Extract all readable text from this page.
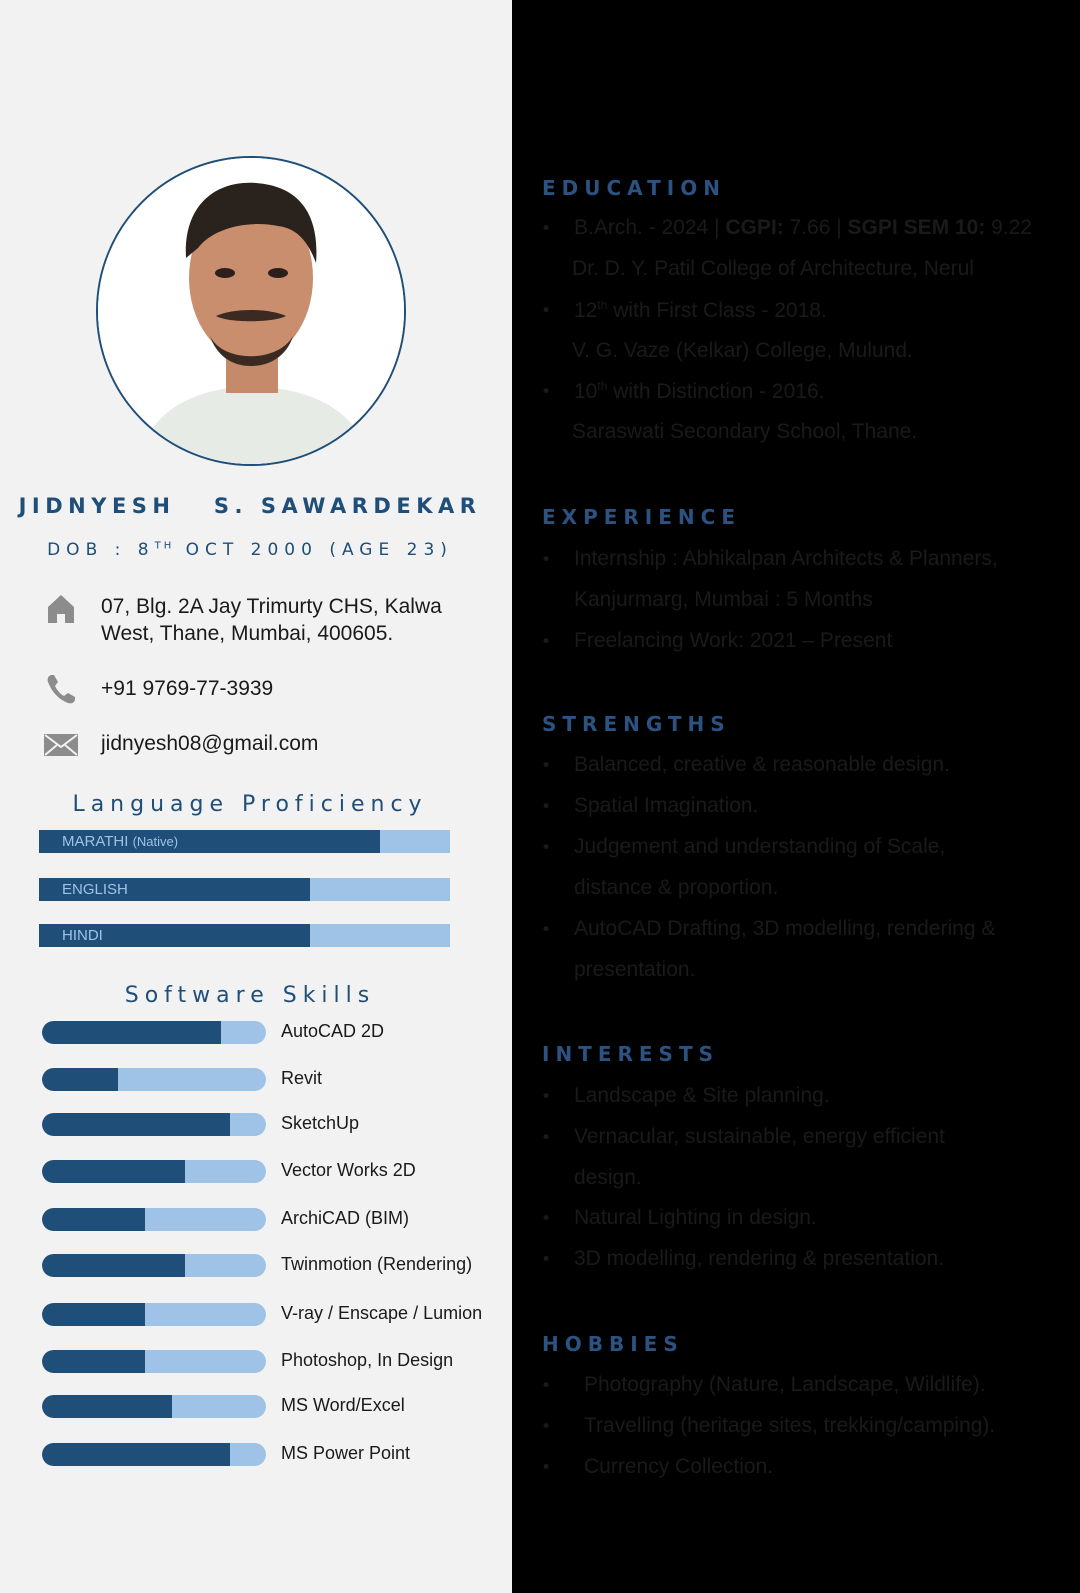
JIDNYESH   S. SAWARDEKAR
DOB : 8TH OCT 2000 (AGE 23)
07, Blg. 2A Jay Trimurty CHS, Kalwa
West, Thane, Mumbai, 400605.
+91 9769-77-3939
jidnyesh08@gmail.com
Language Proficiency
MARATHI (Native)
ENGLISH
HINDI
Software Skills
AutoCAD 2D
Revit
SketchUp
Vector Works 2D
ArchiCAD (BIM)
Twinmotion (Rendering)
V-ray / Enscape / Lumion
Photoshop, In Design
MS Word/Excel
MS Power Point
EDUCATION
• B.Arch. - 2024 | CGPI: 7.66 | SGPI SEM 10: 9.22
Dr. D. Y. Patil College of Architecture, Nerul
• 12th with First Class - 2018.
V. G. Vaze (Kelkar) College, Mulund.
• 10th with Distinction - 2016.
Saraswati Secondary School, Thane.
EXPERIENCE
• Internship : Abhikalpan Architects & Planners,
Kanjurmarg, Mumbai : 5 Months
• Freelancing Work: 2021 – Present
STRENGTHS
• Balanced, creative & reasonable design.
• Spatial Imagination.
• Judgement and understanding of Scale,
distance & proportion.
• AutoCAD Drafting, 3D modelling, rendering &
presentation.
INTERESTS
• Landscape & Site planning.
• Vernacular, sustainable, energy efficient
design.
• Natural Lighting in design.
• 3D modelling, rendering & presentation.
HOBBIES
• Photography (Nature, Landscape, Wildlife).
• Travelling (heritage sites, trekking/camping).
• Currency Collection.
